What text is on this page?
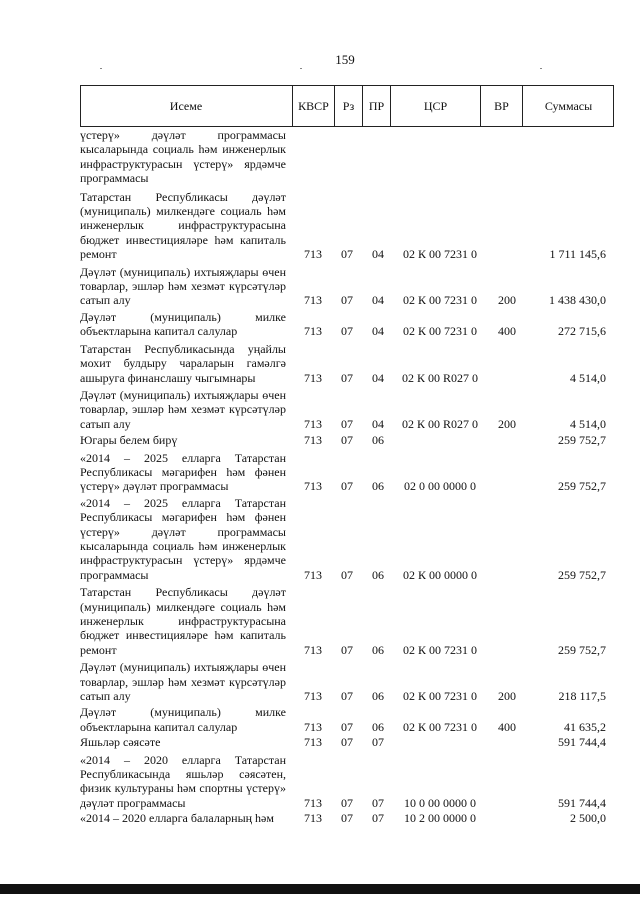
159
Исеме	КВСР	Рз	ПР	ЦСР	ВР	Суммасы
үстерү» дәүләт программасы кысаларында социаль һәм инженерлык инфраструктурасын үстерү» ярдәмче программасы
Татарстан Республикасы дәүләт (муниципаль) милкендәге социаль һәм инженерлык инфраструктурасына бюджет инвестицияләре һәм капиталь ремонт	713	07	04	02 К 00 7231 0	1 711 145,6
Дәүләт (муниципаль) ихтыяҗлары өчен товарлар, эшләр һәм хезмәт күрсәтүләр сатып алу	713	07	04	02 К 00 7231 0	200	1 438 430,0
Дәүләт (муниципаль) милке объектларына капитал салулар	713	07	04	02 К 00 7231 0	400	272 715,6
Татарстан Республикасында уңайлы мохит булдыру чараларын гамәлгә ашыруга финанслашу чыгымнары	713	07	04	02 К 00 R027 0	4 514,0
Дәүләт (муниципаль) ихтыяҗлары өчен товарлар, эшләр һәм хезмәт күрсәтүләр сатып алу	713	07	04	02 К 00 R027 0	200	4 514,0
Югары белем бирү	713	07	06	259 752,7
«2014 – 2025 елларга Татарстан Республикасы мәгарифен һәм фәнен үстерү» дәүләт программасы	713	07	06	02 0 00 0000 0	259 752,7
«2014 – 2025 елларга Татарстан Республикасы мәгарифен һәм фәнен үстерү» дәүләт программасы кысаларында социаль һәм инженерлык инфраструктурасын үстерү» ярдәмче программасы	713	07	06	02 К 00 0000 0	259 752,7
Татарстан Республикасы дәүләт (муниципаль) милкендәге социаль һәм инженерлык инфраструктурасына бюджет инвестицияләре һәм капиталь ремонт	713	07	06	02 К 00 7231 0	259 752,7
Дәүләт (муниципаль) ихтыяҗлары өчен товарлар, эшләр һәм хезмәт күрсәтүләр сатып алу	713	07	06	02 К 00 7231 0	200	218 117,5
Дәүләт (муниципаль) милке объектларына капитал салулар	713	07	06	02 К 00 7231 0	400	41 635,2
Яшьләр сәясәте	713	07	07	591 744,4
«2014 – 2020 елларга Татарстан Республикасында яшьләр сәясәтен, физик культураны һәм спортны үстерү» дәүләт программасы	713	07	07	10 0 00 0000 0	591 744,4
«2014 – 2020 елларга балаларның һәм	713	07	07	10 2 00 0000 0	2 500,0
